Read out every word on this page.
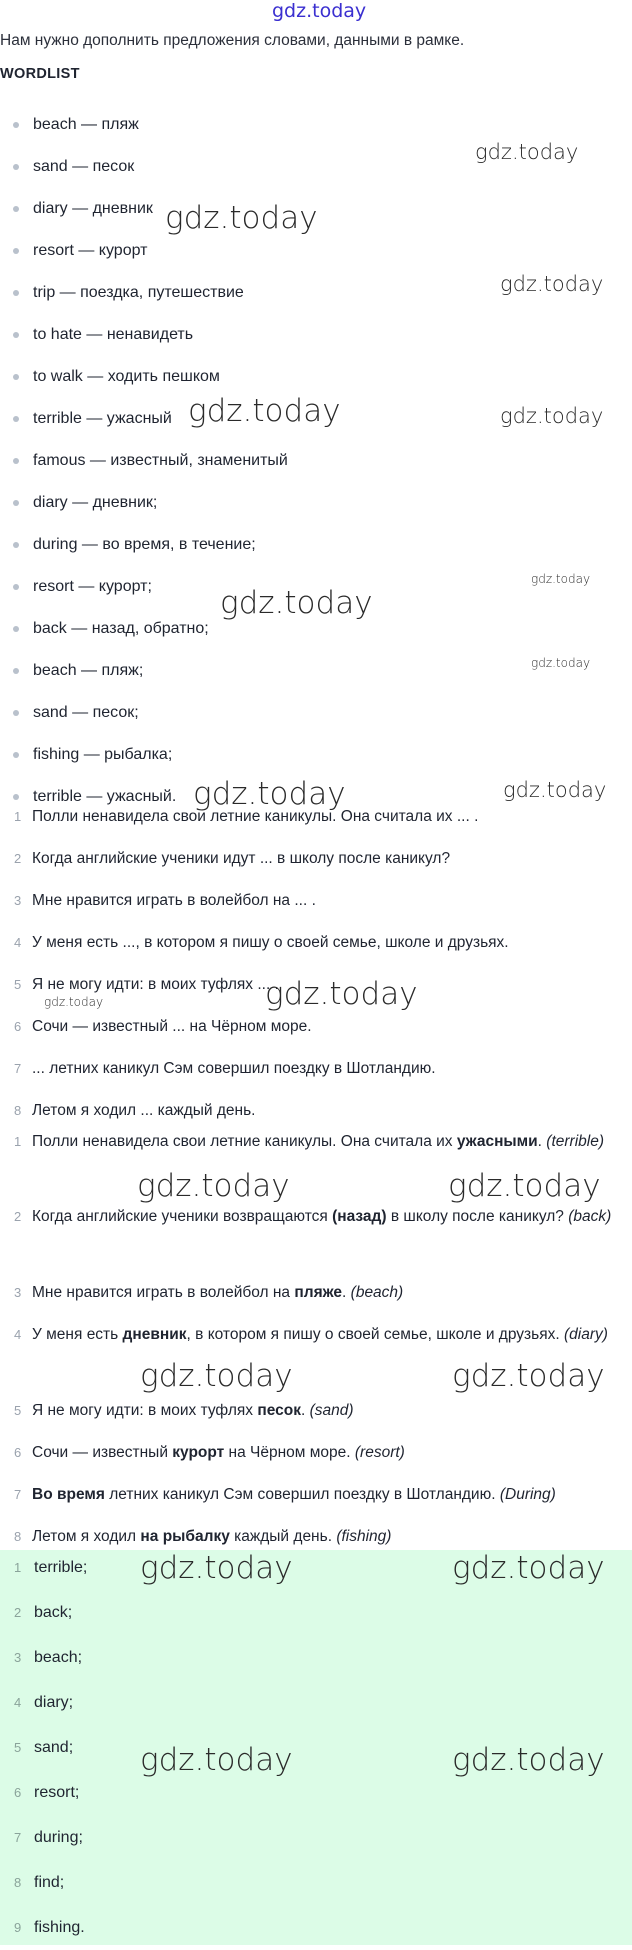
gdz.today
Нам нужно дополнить предложения словами, данными в рамке.
WORDLIST
beach — пляж
sand — песок
diary — дневник
resort — курорт
trip — поездка, путешествие
to hate — ненавидеть
to walk — ходить пешком
terrible — ужасный
famous — известный, знаменитый
diary — дневник;
during — во время, в течение;
resort — курорт;
back — назад, обратно;
beach — пляж;
sand — песок;
fishing — рыбалка;
terrible — ужасный.
1 Полли ненавидела свои летние каникулы. Она считала их ... .
2 Когда английские ученики идут ... в школу после каникул?
3 Мне нравится играть в волейбол на ... .
4 У меня есть ..., в котором я пишу о своей семье, школе и друзьях.
5 Я не могу идти: в моих туфлях ... .
6 Сочи — известный ... на Чёрном море.
7 ... летних каникул Сэм совершил поездку в Шотландию.
8 Летом я ходил ... каждый день.
1 Полли ненавидела свои летние каникулы. Она считала их ужасными. (terrible)
2 Когда английские ученики возвращаются (назад) в школу после каникул? (back)
3 Мне нравится играть в волейбол на пляже. (beach)
4 У меня есть дневник, в котором я пишу о своей семье, школе и друзьях. (diary)
5 Я не могу идти: в моих туфлях песок. (sand)
6 Сочи — известный курорт на Чёрном море. (resort)
7 Во время летних каникул Сэм совершил поездку в Шотландию. (During)
8 Летом я ходил на рыбалку каждый день. (fishing)
1 terrible;
2 back;
3 beach;
4 diary;
5 sand;
6 resort;
7 during;
8 find;
9 fishing.
gdz.today
gdz.today
gdz.today
gdz.today	gdz.today
gdz.today
gdz.today
gdz.today
gdz.today	gdz.today
gdz.today
gdz.today
gdz.today	gdz.today
gdz.today	gdz.today
gdz.today	gdz.today
gdz.today	gdz.today
